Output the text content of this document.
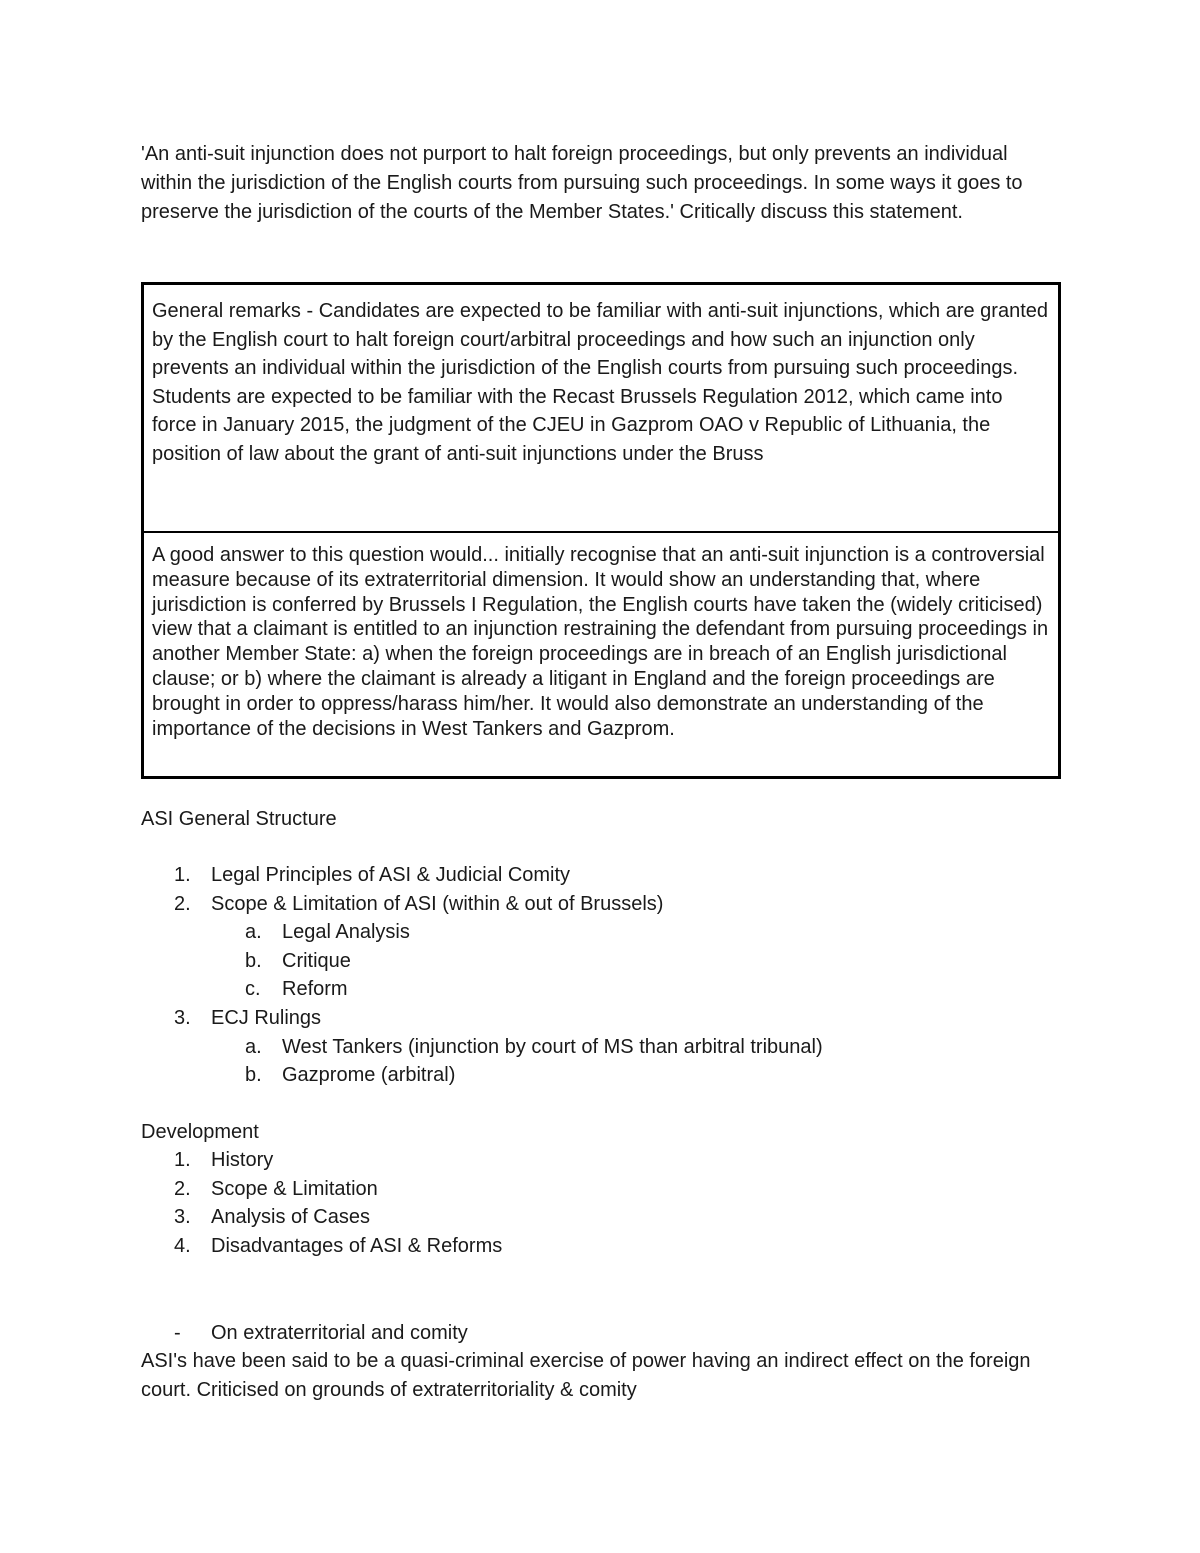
'An anti-suit injunction does not purport to halt foreign proceedings, but only prevents an individual within the jurisdiction of the English courts from pursuing such proceedings. In some ways it goes to preserve the jurisdiction of the courts of the Member States.' Critically discuss this statement.

General remarks - Candidates are expected to be familiar with anti-suit injunctions, which are granted by the English court to halt foreign court/arbitral proceedings and how such an injunction only prevents an individual within the jurisdiction of the English courts from pursuing such proceedings. Students are expected to be familiar with the Recast Brussels Regulation 2012, which came into force in January 2015, the judgment of the CJEU in Gazprom OAO v Republic of Lithuania, the position of law about the grant of anti-suit injunctions under the Bruss

A good answer to this question would... initially recognise that an anti-suit injunction is a controversial measure because of its extraterritorial dimension. It would show an understanding that, where jurisdiction is conferred by Brussels I Regulation, the English courts have taken the (widely criticised) view that a claimant is entitled to an injunction restraining the defendant from pursuing proceedings in another Member State: a) when the foreign proceedings are in breach of an English jurisdictional clause; or b) where the claimant is already a litigant in England and the foreign proceedings are brought in order to oppress/harass him/her. It would also demonstrate an understanding of the importance of the decisions in West Tankers and Gazprom.

ASI General Structure

1.	Legal Principles of ASI & Judicial Comity
2.	Scope & Limitation of ASI (within & out of Brussels)
a.	Legal Analysis
b.	Critique
c.	Reform
3.	ECJ Rulings
a.	West Tankers (injunction by court of MS than arbitral tribunal)
b.	Gazprome (arbitral)

Development

1.	History
2.	Scope & Limitation
3.	Analysis of Cases
4.	Disadvantages of ASI & Reforms
- On extraterritorial and comity

ASI's have been said to be a quasi-criminal exercise of power having an indirect effect on the foreign court. Criticised on grounds of extraterritoriality & comity
